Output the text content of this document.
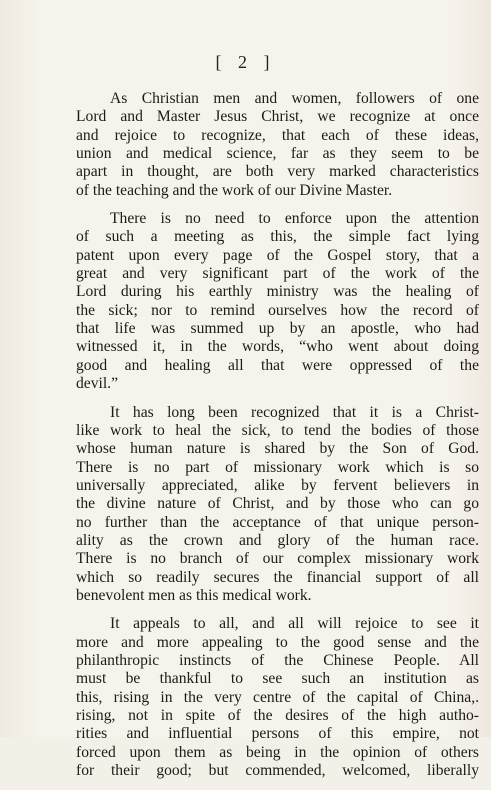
[ 2 ]

As Christian men and women, followers of one
Lord and Master Jesus Christ, we recognize at once
and rejoice to recognize, that each of these ideas,
union and medical science, far as they seem to be
apart in thought, are both very marked characteristics
of the teaching and the work of our Divine Master.

There is no need to enforce upon the attention
of such a meeting as this, the simple fact lying
patent upon every page of the Gospel story, that a
great and very significant part of the work of the
Lord during his earthly ministry was the healing of
the sick; nor to remind ourselves how the record of
that life was summed up by an apostle, who had
witnessed it, in the words, “who went about doing
good and healing all that were oppressed of the
devil.”

It has long been recognized that it is a Christ-
like work to heal the sick, to tend the bodies of those
whose human nature is shared by the Son of God.
There is no part of missionary work which is so
universally appreciated, alike by fervent believers in
the divine nature of Christ, and by those who can go
no further than the acceptance of that unique person-
ality as the crown and glory of the human race.
There is no branch of our complex missionary work
which so readily secures the financial support of all
benevolent men as this medical work.

It appeals to all, and all will rejoice to see it
more and more appealing to the good sense and the
philanthropic instincts of the Chinese People. All
must be thankful to see such an institution as
this, rising in the very centre of the capital of China,.
rising, not in spite of the desires of the high autho-
rities and influential persons of this empire, not
forced upon them as being in the opinion of others
for their good; but commended, welcomed, liberally
